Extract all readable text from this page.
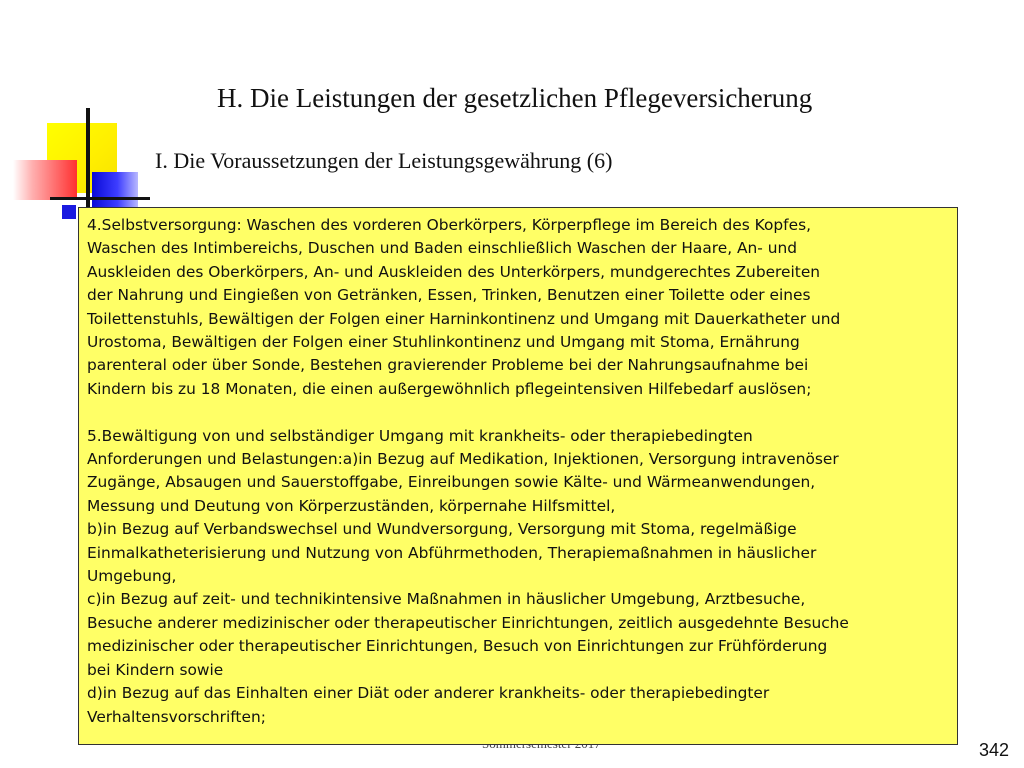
H. Die Leistungen der gesetzlichen Pflegeversicherung
I. Die Voraussetzungen der Leistungsgewährung (6)

4.Selbstversorgung: Waschen des vorderen Oberkörpers, Körperpflege im Bereich des Kopfes,
Waschen des Intimbereichs, Duschen und Baden einschließlich Waschen der Haare, An- und
Auskleiden des Oberkörpers, An- und Auskleiden des Unterkörpers, mundgerechtes Zubereiten
der Nahrung und Eingießen von Getränken, Essen, Trinken, Benutzen einer Toilette oder eines
Toilettenstuhls, Bewältigen der Folgen einer Harninkontinenz und Umgang mit Dauerkatheter und
Urostoma, Bewältigen der Folgen einer Stuhlinkontinenz und Umgang mit Stoma, Ernährung
parenteral oder über Sonde, Bestehen gravierender Probleme bei der Nahrungsaufnahme bei
Kindern bis zu 18 Monaten, die einen außergewöhnlich pflegeintensiven Hilfebedarf auslösen;

5.Bewältigung von und selbständiger Umgang mit krankheits- oder therapiebedingten
Anforderungen und Belastungen:a)in Bezug auf Medikation, Injektionen, Versorgung intravenöser
Zugänge, Absaugen und Sauerstoffgabe, Einreibungen sowie Kälte- und Wärmeanwendungen,
Messung und Deutung von Körperzuständen, körpernahe Hilfsmittel,
b)in Bezug auf Verbandswechsel und Wundversorgung, Versorgung mit Stoma, regelmäßige
Einmalkatheterisierung und Nutzung von Abführmethoden, Therapiemaßnahmen in häuslicher
Umgebung,
c)in Bezug auf zeit- und technikintensive Maßnahmen in häuslicher Umgebung, Arztbesuche,
Besuche anderer medizinischer oder therapeutischer Einrichtungen, zeitlich ausgedehnte Besuche
medizinischer oder therapeutischer Einrichtungen, Besuch von Einrichtungen zur Frühförderung
bei Kindern sowie
d)in Bezug auf das Einhalten einer Diät oder anderer krankheits- oder therapiebedingter
Verhaltensvorschriften;

342
